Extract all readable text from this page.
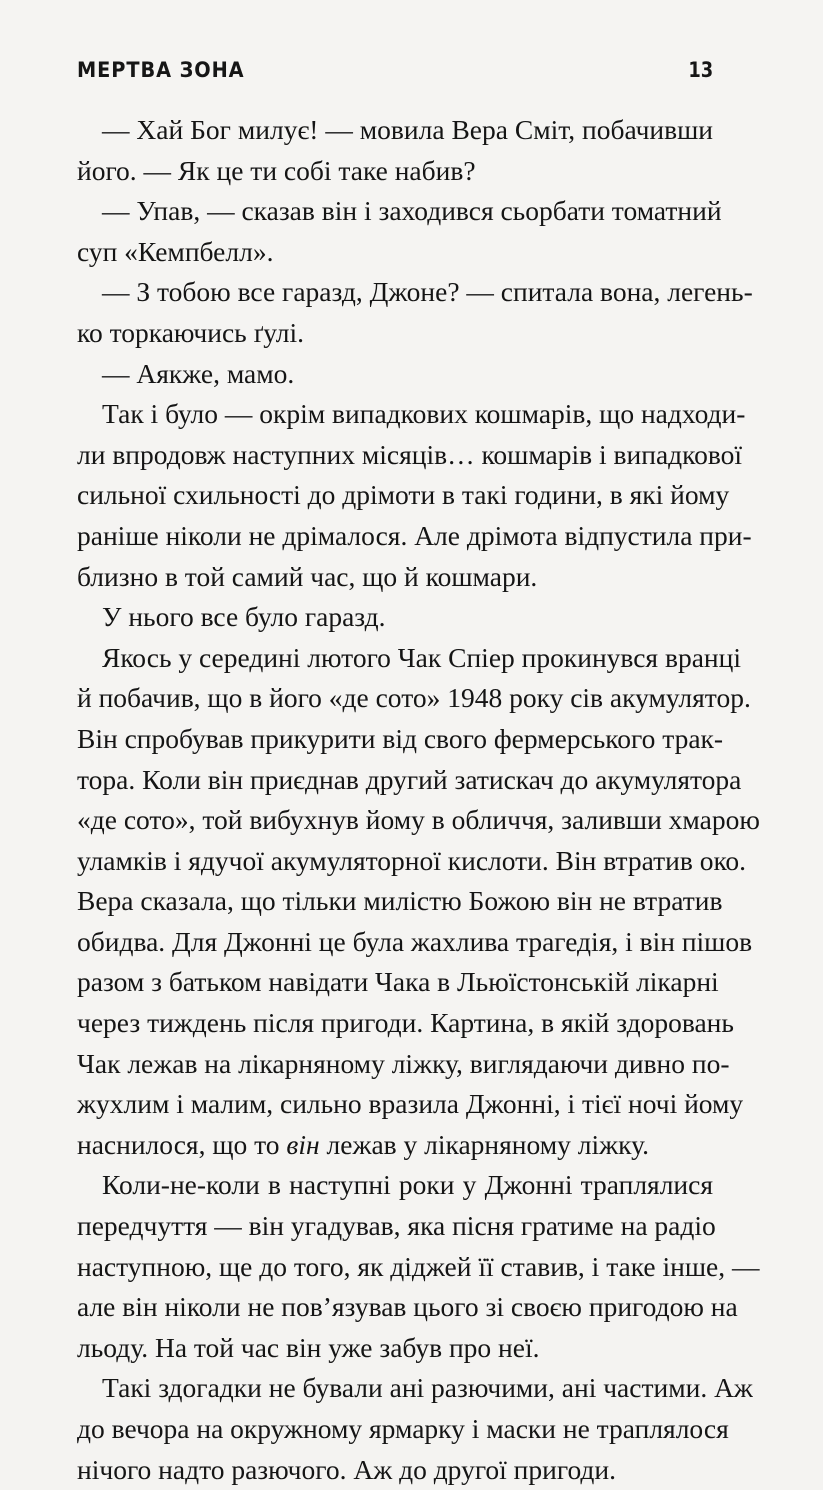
МЕРТВА ЗОНА	13
— Хай Бог милує! — мовила Вера Сміт, побачивши
його. — Як це ти собі таке набив?
— Упав, — сказав він і заходився сьорбати томатний
суп «Кемпбелл».
— З тобою все гаразд, Джоне? — спитала вона, легень-
ко торкаючись ґулі.
— Аякже, мамо.
Так і було — окрім випадкових кошмарів, що надходи-
ли впродовж наступних місяців… кошмарів і випадкової
сильної схильності до дрімоти в такі години, в які йому
раніше ніколи не дрімалося. Але дрімота відпустила при-
близно в той самий час, що й кошмари.
У нього все було гаразд.
Якось у середині лютого Чак Спіер прокинувся вранці
й побачив, що в його «де сото» 1948 року сів акумулятор.
Він спробував прикурити від свого фермерського трак-
тора. Коли він приєднав другий затискач до акумулятора
«де сото», той вибухнув йому в обличчя, заливши хмарою
уламків і ядучої акумуляторної кислоти. Він втратив око.
Вера сказала, що тільки милістю Божою він не втратив
обидва. Для Джонні це була жахлива трагедія, і він пішов
разом з батьком навідати Чака в Льюїстонській лікарні
через тиждень після пригоди. Картина, в якій здоровань
Чак лежав на лікарняному ліжку, виглядаючи дивно по-
жухлим і малим, сильно вразила Джонні, і тієї ночі йому
наснилося, що то він лежав у лікарняному ліжку.
Коли-не-коли в наступні роки у Джонні траплялися
передчуття — він угадував, яка пісня гратиме на радіо
наступною, ще до того, як діджей її ставив, і таке інше, —
але він ніколи не пов’язував цього зі своєю пригодою на
льоду. На той час він уже забув про неї.
Такі здогадки не бували ані разючими, ані частими. Аж
до вечора на окружному ярмарку і маски не траплялося
нічого надто разючого. Аж до другої пригоди.
